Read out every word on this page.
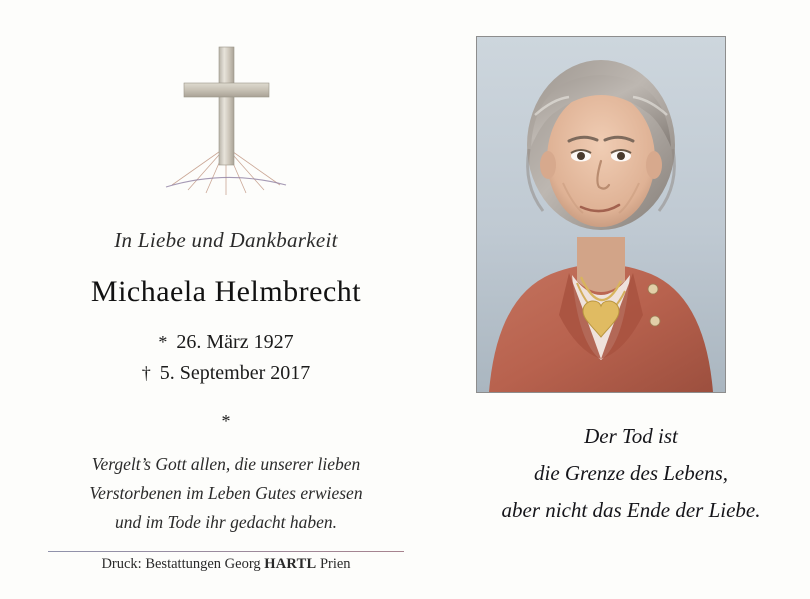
In Liebe und Dankbarkeit
Michaela Helmbrecht
* 26. März 1927
† 5. September 2017
*
Vergelt’s Gott allen, die unserer lieben
Verstorbenen im Leben Gutes erwiesen
und im Tode ihr gedacht haben.
Druck: Bestattungen Georg HARTL Prien
Der Tod ist
die Grenze des Lebens,
aber nicht das Ende der Liebe.
